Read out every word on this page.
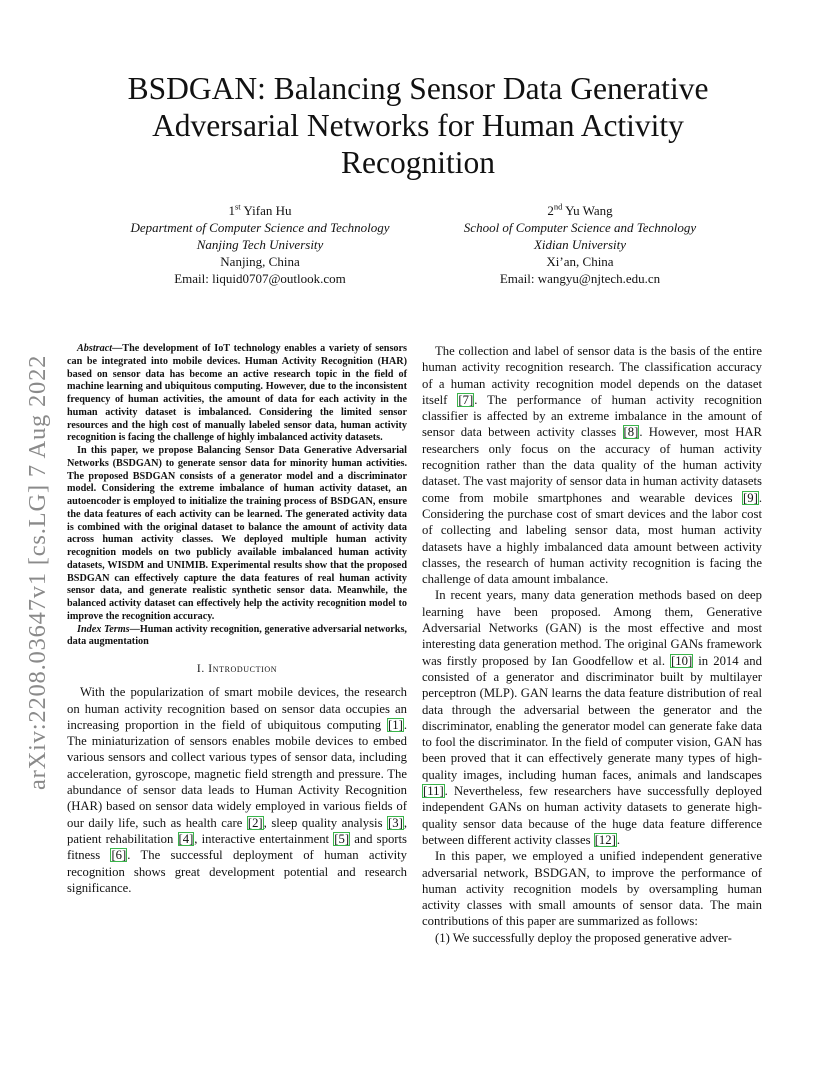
arXiv:2208.03647v1 [cs.LG] 7 Aug 2022
BSDGAN: Balancing Sensor Data Generative Adversarial Networks for Human Activity Recognition
1st Yifan Hu
Department of Computer Science and Technology
Nanjing Tech University
Nanjing, China
Email: liquid0707@outlook.com
2nd Yu Wang
School of Computer Science and Technology
Xidian University
Xi’an, China
Email: wangyu@njtech.edu.cn

Abstract—The development of IoT technology enables a variety of sensors can be integrated into mobile devices. Human Activity Recognition (HAR) based on sensor data has become an active research topic in the field of machine learning and ubiquitous computing. However, due to the inconsistent frequency of human activities, the amount of data for each activity in the human activity dataset is imbalanced. Considering the limited sensor resources and the high cost of manually labeled sensor data, human activity recognition is facing the challenge of highly imbalanced activity datasets.

In this paper, we propose Balancing Sensor Data Generative Adversarial Networks (BSDGAN) to generate sensor data for minority human activities. The proposed BSDGAN consists of a generator model and a discriminator model. Considering the extreme imbalance of human activity dataset, an autoencoder is employed to initialize the training process of BSDGAN, ensure the data features of each activity can be learned. The generated activity data is combined with the original dataset to balance the amount of activity data across human activity classes. We deployed multiple human activity recognition models on two publicly available imbalanced human activity datasets, WISDM and UNIMIB. Experimental results show that the proposed BSDGAN can effectively capture the data features of real human activity sensor data, and generate realistic synthetic sensor data. Meanwhile, the balanced activity dataset can effectively help the activity recognition model to improve the recognition accuracy.

Index Terms—Human activity recognition, generative adversarial networks, data augmentation

I. Introduction

With the popularization of smart mobile devices, the research on human activity recognition based on sensor data occupies an increasing proportion in the field of ubiquitous computing [1]. The miniaturization of sensors enables mobile devices to embed various sensors and collect various types of sensor data, including acceleration, gyroscope, magnetic field strength and pressure. The abundance of sensor data leads to Human Activity Recognition (HAR) based on sensor data widely employed in various fields of our daily life, such as health care [2], sleep quality analysis [3], patient rehabilitation [4], interactive entertainment [5] and sports fitness [6]. The successful deployment of human activity recognition shows great development potential and research significance.

The collection and label of sensor data is the basis of the entire human activity recognition research. The classification accuracy of a human activity recognition model depends on the dataset itself [7]. The performance of human activity recognition classifier is affected by an extreme imbalance in the amount of sensor data between activity classes [8]. However, most HAR researchers only focus on the accuracy of human activity recognition rather than the data quality of the human activity dataset. The vast majority of sensor data in human activity datasets come from mobile smartphones and wearable devices [9]. Considering the purchase cost of smart devices and the labor cost of collecting and labeling sensor data, most human activity datasets have a highly imbalanced data amount between activity classes, the research of human activity recognition is facing the challenge of data amount imbalance.

In recent years, many data generation methods based on deep learning have been proposed. Among them, Generative Adversarial Networks (GAN) is the most effective and most interesting data generation method. The original GANs framework was firstly proposed by Ian Goodfellow et al. [10] in 2014 and consisted of a generator and discriminator built by multilayer perceptron (MLP). GAN learns the data feature distribution of real data through the adversarial between the generator and the discriminator, enabling the generator model can generate fake data to fool the discriminator. In the field of computer vision, GAN has been proved that it can effectively generate many types of high-quality images, including human faces, animals and landscapes [11]. Nevertheless, few researchers have successfully deployed independent GANs on human activity datasets to generate high-quality sensor data because of the huge data feature difference between different activity classes [12].

In this paper, we employed a unified independent generative adversarial network, BSDGAN, to improve the performance of human activity recognition models by oversampling human activity classes with small amounts of sensor data. The main contributions of this paper are summarized as follows:

(1) We successfully deploy the proposed generative adver-
